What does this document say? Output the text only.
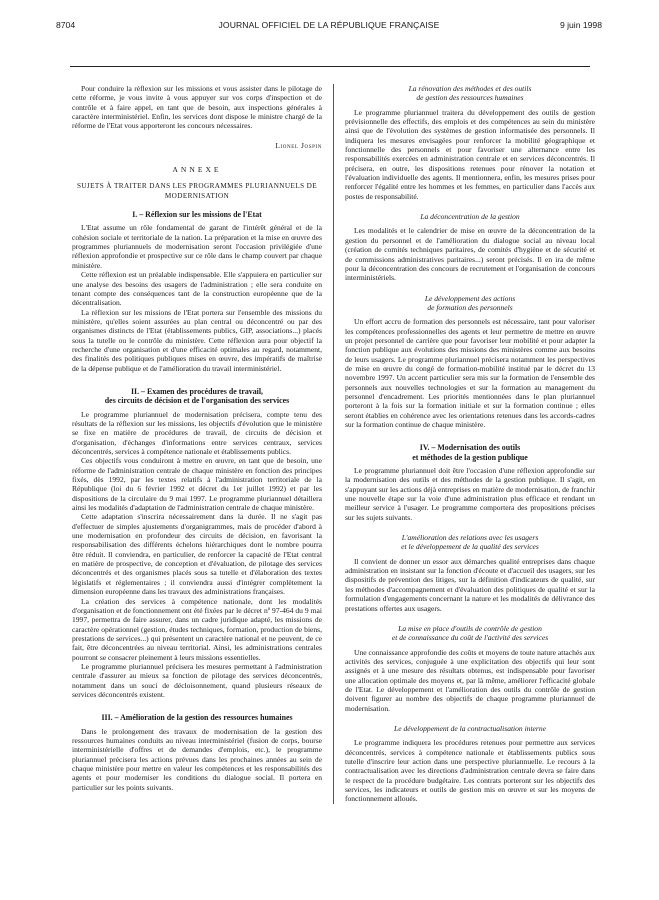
8704	JOURNAL OFFICIEL DE LA RÉPUBLIQUE FRANÇAISE	9 juin 1998

Pour conduire la réflexion sur les missions et vous assister dans le pilotage de cette réforme, je vous invite à vous appuyer sur vos corps d'inspection et de contrôle et à faire appel, en tant que de besoin, aux inspections générales à caractère interministériel. Enfin, les services dont dispose le ministre chargé de la réforme de l'Etat vous apporteront les concours nécessaires.

Lionel Jospin
ANNEXE
SUJETS À TRAITER DANS LES PROGRAMMES PLURIANNUELS DE MODERNISATION
I. – Réflexion sur les missions de l'Etat

L'Etat assume un rôle fondamental de garant de l'intérêt général et de la cohésion sociale et territoriale de la nation. La préparation et la mise en œuvre des programmes pluriannuels de modernisation seront l'occasion privilégiée d'une réflexion approfondie et prospective sur ce rôle dans le champ couvert par chaque ministère.

Cette réflexion est un préalable indispensable. Elle s'appuiera en particulier sur une analyse des besoins des usagers de l'administration ; elle sera conduite en tenant compte des conséquences tant de la construction européenne que de la décentralisation.

La réflexion sur les missions de l'Etat portera sur l'ensemble des missions du ministère, qu'elles soient assurées au plan central ou déconcentré ou par des organismes distincts de l'Etat (établissements publics, GIP, associations...) placés sous la tutelle ou le contrôle du ministère. Cette réflexion aura pour objectif la recherche d'une organisation et d'une efficacité optimales au regard, notamment, des finalités des politiques publiques mises en œuvre, des impératifs de maîtrise de la dépense publique et de l'amélioration du travail interministériel.

II. – Examen des procédures de travail,
des circuits de décision et de l'organisation des services

Le programme pluriannuel de modernisation précisera, compte tenu des résultats de la réflexion sur les missions, les objectifs d'évolution que le ministère se fixe en matière de procédures de travail, de circuits de décision et d'organisation, d'échanges d'informations entre services centraux, services déconcentrés, services à compétence nationale et établissements publics.

Ces objectifs vous conduiront à mettre en œuvre, en tant que de besoin, une réforme de l'administration centrale de chaque ministère en fonction des principes fixés, dès 1992, par les textes relatifs à l'administration territoriale de la République (loi du 6 février 1992 et décret du 1er juillet 1992) et par les dispositions de la circulaire du 9 mai 1997. Le programme pluriannuel détaillera ainsi les modalités d'adaptation de l'administration centrale de chaque ministère.

Cette adaptation s'inscrira nécessairement dans la durée. Il ne s'agit pas d'effectuer de simples ajustements d'organigrammes, mais de procéder d'abord à une modernisation en profondeur des circuits de décision, en favorisant la responsabilisation des différents échelons hiérarchiques dont le nombre pourra être réduit. Il conviendra, en particulier, de renforcer la capacité de l'Etat central en matière de prospective, de conception et d'évaluation, de pilotage des services déconcentrés et des organismes placés sous sa tutelle et d'élaboration des textes législatifs et réglementaires ; il conviendra aussi d'intégrer complètement la dimension européenne dans les travaux des administrations françaises.

La création des services à compétence nationale, dont les modalités d'organisation et de fonctionnement ont été fixées par le décret nº 97-464 du 9 mai 1997, permettra de faire assurer, dans un cadre juridique adapté, les missions de caractère opérationnel (gestion, études techniques, formation, production de biens, prestations de services...) qui présentent un caractère national et ne peuvent, de ce fait, être déconcentrées au niveau territorial. Ainsi, les administrations centrales pourront se consacrer pleinement à leurs missions essentielles.

Le programme pluriannuel précisera les mesures permettant à l'administration centrale d'assurer au mieux sa fonction de pilotage des services déconcentrés, notamment dans un souci de décloisonnement, quand plusieurs réseaux de services déconcentrés existent.

III. – Amélioration de la gestion des ressources humaines

Dans le prolongement des travaux de modernisation de la gestion des ressources humaines conduits au niveau interministériel (fusion de corps, bourse interministérielle d'offres et de demandes d'emplois, etc.), le programme pluriannuel précisera les actions prévues dans les prochaines années au sein de chaque ministère pour mettre en valeur les compétences et les responsabilités des agents et pour moderniser les conditions du dialogue social. Il portera en particulier sur les points suivants.

La rénovation des méthodes et des outils
de gestion des ressources humaines

Le programme pluriannuel traitera du développement des outils de gestion prévisionnelle des effectifs, des emplois et des compétences au sein du ministère ainsi que de l'évolution des systèmes de gestion informatisée des personnels. Il indiquera les mesures envisagées pour renforcer la mobilité géographique et fonctionnelle des personnels et pour favoriser une alternance entre les responsabilités exercées en administration centrale et en services déconcentrés. Il précisera, en outre, les dispositions retenues pour rénover la notation et l'évaluation individuelle des agents. Il mentionnera, enfin, les mesures prises pour renforcer l'égalité entre les hommes et les femmes, en particulier dans l'accès aux postes de responsabilité.

La déconcentration de la gestion

Les modalités et le calendrier de mise en œuvre de la déconcentration de la gestion du personnel et de l'amélioration du dialogue social au niveau local (création de comités techniques paritaires, de comités d'hygiène et de sécurité et de commissions administratives paritaires...) seront précisés. Il en ira de même pour la déconcentration des concours de recrutement et l'organisation de concours interministériels.

Le développement des actions
de formation des personnels

Un effort accru de formation des personnels est nécessaire, tant pour valoriser les compétences professionnelles des agents et leur permettre de mettre en œuvre un projet personnel de carrière que pour favoriser leur mobilité et pour adapter la fonction publique aux évolutions des missions des ministères comme aux besoins de leurs usagers. Le programme pluriannuel précisera notamment les perspectives de mise en œuvre du congé de formation-mobilité institué par le décret du 13 novembre 1997. Un accent particulier sera mis sur la formation de l'ensemble des personnels aux nouvelles technologies et sur la formation au management du personnel d'encadrement. Les priorités mentionnées dans le plan pluriannuel porteront à la fois sur la formation initiale et sur la formation continue ; elles seront établies en cohérence avec les orientations retenues dans les accords-cadres sur la formation continue de chaque ministère.

IV. – Modernisation des outils
et méthodes de la gestion publique

Le programme pluriannuel doit être l'occasion d'une réflexion approfondie sur la modernisation des outils et des méthodes de la gestion publique. Il s'agit, en s'appuyant sur les actions déjà entreprises en matière de modernisation, de franchir une nouvelle étape sur la voie d'une administration plus efficace et rendant un meilleur service à l'usager. Le programme comportera des propositions précises sur les sujets suivants.

L'amélioration des relations avec les usagers
et le développement de la qualité des services

Il convient de donner un essor aux démarches qualité entreprises dans chaque administration en insistant sur la fonction d'écoute et d'accueil des usagers, sur les dispositifs de prévention des litiges, sur la définition d'indicateurs de qualité, sur les méthodes d'accompagnement et d'évaluation des politiques de qualité et sur la formulation d'engagements concernant la nature et les modalités de délivrance des prestations offertes aux usagers.

La mise en place d'outils de contrôle de gestion
et de connaissance du coût de l'activité des services

Une connaissance approfondie des coûts et moyens de toute nature attachés aux activités des services, conjuguée à une explicitation des objectifs qui leur sont assignés et à une mesure des résultats obtenus, est indispensable pour favoriser une allocation optimale des moyens et, par là même, améliorer l'efficacité globale de l'Etat. Le développement et l'amélioration des outils du contrôle de gestion doivent figurer au nombre des objectifs de chaque programme pluriannuel de modernisation.

Le développement de la contractualisation interne

Le programme indiquera les procédures retenues pour permettre aux services déconcentrés, services à compétence nationale et établissements publics sous tutelle d'inscrire leur action dans une perspective pluriannuelle. Le recours à la contractualisation avec les directions d'administration centrale devra se faire dans le respect de la procédure budgétaire. Les contrats porteront sur les objectifs des services, les indicateurs et outils de gestion mis en œuvre et sur les moyens de fonctionnement alloués.
